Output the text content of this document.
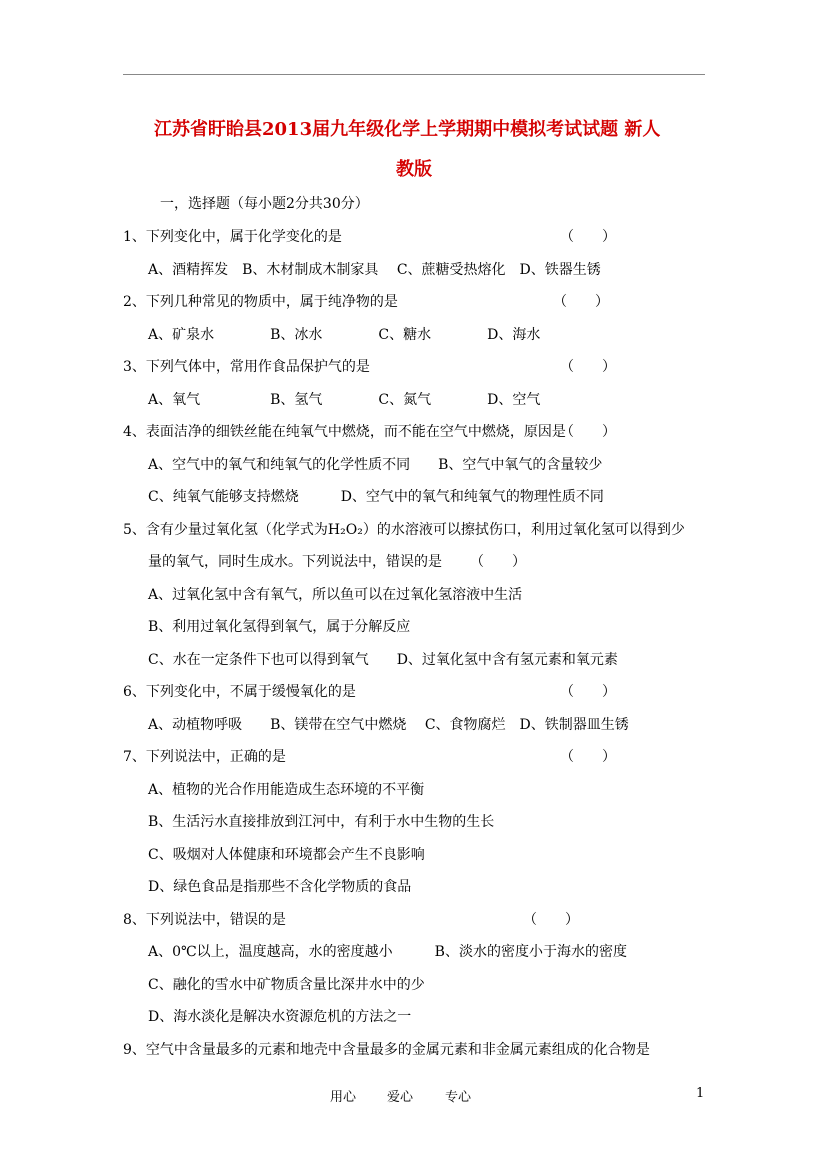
江苏省盱眙县2013届九年级化学上学期期中模拟考试试题 新人
教版
一，选择题（每小题2分共30分）
1、下列变化中，属于化学变化的是	（　　）
A、酒精挥发　B、木材制成木制家具　 C、蔗糖受热熔化　D、铁器生锈
2、下列几种常见的物质中，属于纯净物的是	（　　）
A、矿泉水　　　　B、冰水　　　　C、糖水　　　　D、海水
3、下列气体中，常用作食品保护气的是	（　　）
A、氧气　　　　　B、氢气　　　　C、氮气　　　　D、空气
4、表面洁净的细铁丝能在纯氧气中燃烧，而不能在空气中燃烧，原因是
（　　）
A、空气中的氧气和纯氧气的化学性质不同　　B、空气中氧气的含量较少
C、纯氧气能够支持燃烧　　　D、空气中的氧气和纯氧气的物理性质不同
5、含有少量过氧化氢（化学式为H₂O₂）的水溶液可以擦拭伤口，利用过氧化氢可以得到少
量的氧气，同时生成水。下列说法中，错误的是 （　　）
A、过氧化氢中含有氧气，所以鱼可以在过氧化氢溶液中生活
B、利用过氧化氢得到氧气，属于分解反应
C、水在一定条件下也可以得到氧气　　D、过氧化氢中含有氢元素和氧元素
6、下列变化中，不属于缓慢氧化的是	（　　）
A、动植物呼吸　　B、镁带在空气中燃烧　 C、食物腐烂　D、铁制器皿生锈
7、下列说法中，正确的是	（　　）
A、植物的光合作用能造成生态环境的不平衡
B、生活污水直接排放到江河中，有利于水中生物的生长
C、吸烟对人体健康和环境都会产生不良影响
D、绿色食品是指那些不含化学物质的食品
8、下列说法中，错误的是	（　　）
A、0℃以上，温度越高，水的密度越小　　　B、淡水的密度小于海水的密度
C、融化的雪水中矿物质含量比深井水中的少
D、海水淡化是解决水资源危机的方法之一
9、空气中含量最多的元素和地壳中含量最多的金属元素和非金属元素组成的化合物是
用心 爱心 专心	1
